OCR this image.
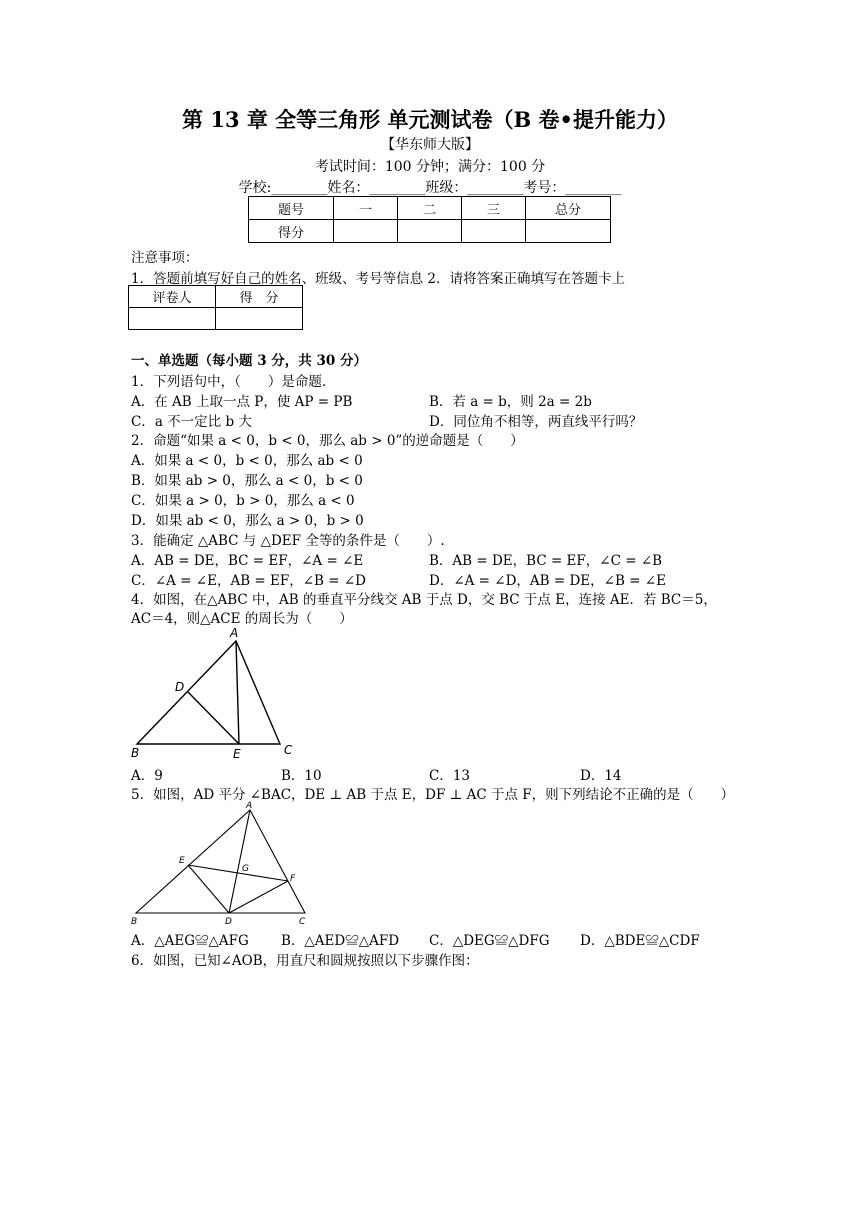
第 13 章 全等三角形 单元测试卷（B 卷•提升能力）
【华东师大版】
考试时间：100 分钟；满分：100 分
学校:________姓名：________班级：________考号：________
题号	一	二	三	总分
得分				
注意事项：
1．答题前填写好自己的姓名、班级、考号等信息 2．请将答案正确填写在答题卡上
评卷人	得　分

一、单选题（每小题 3 分，共 30 分）
1．下列语句中，（　　）是命题.
A．在 AB 上取一点 P，使 AP = PB	B．若 a = b，则 2a = 2b
C．a 不一定比 b 大	D．同位角不相等，两直线平行吗？
2．命题“如果 a < 0，b < 0，那么 ab > 0”的逆命题是（　　）
A．如果 a < 0，b < 0，那么 ab < 0
B．如果 ab > 0，那么 a < 0，b < 0
C．如果 a > 0，b > 0，那么 a < 0
D．如果 ab < 0，那么 a > 0，b > 0
3．能确定 △ABC 与 △DEF 全等的条件是（　　）.
A．AB = DE，BC = EF，∠A = ∠E	B．AB = DE，BC = EF，∠C = ∠B
C．∠A = ∠E，AB = EF，∠B = ∠D	D．∠A = ∠D，AB = DE，∠B = ∠E
4．如图，在△ABC 中，AB 的垂直平分线交 AB 于点 D，交 BC 于点 E，连接 AE．若 BC＝5，
AC＝4，则△ACE 的周长为（　　）
A
B	C
D
E
A．9	B．10	C．13	D．14
5．如图，AD 平分 ∠BAC，DE ⊥ AB 于点 E，DF ⊥ AC 于点 F，则下列结论不正确的是（　　）
A
B	C
D
E
F
G
A．△AEG≌△AFG B．△AED≌△AFD C．△DEG≌△DFG D．△BDE≌△CDF
6．如图，已知∠AOB，用直尺和圆规按照以下步骤作图：
